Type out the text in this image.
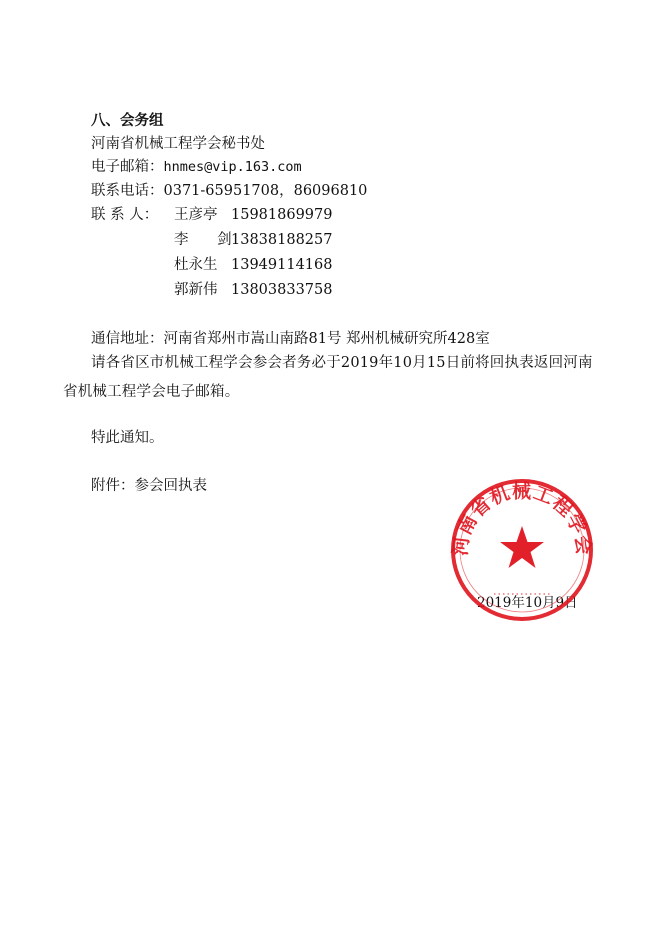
八、会务组
河南省机械工程学会秘书处
电子邮箱：hnmes@vip.163.com
联系电话：0371-65951708，86096810
联 系 人： 王彦亭 15981869979
李 剑13838188257
杜永生 13949114168
郭新伟 13803833758
通信地址：河南省郑州市嵩山南路81号 郑州机械研究所428室
请各省区市机械工程学会参会者务必于2019年10月15日前将回执表返回河南省机械工程学会电子邮箱。
特此通知。
附件：参会回执表
2019年10月9日
河南省机械工程学会
